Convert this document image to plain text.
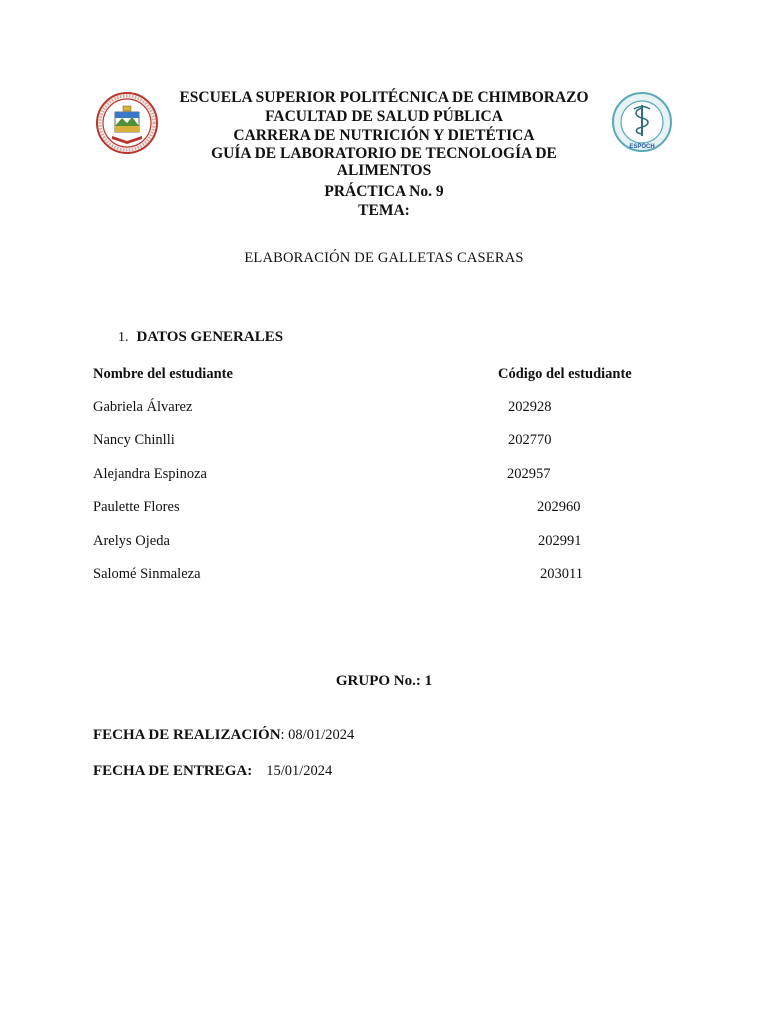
ESCUELA SUPERIOR POLITÉCNICA DE CHIMBORAZO
FACULTAD DE SALUD PÚBLICA
CARRERA DE NUTRICIÓN Y DIETÉTICA
GUÍA DE LABORATORIO DE TECNOLOGÍA DE
ALIMENTOS
PRÁCTICA No. 9
TEMA:
ESPOCH
ELABORACIÓN DE GALLETAS CASERAS
1. DATOS GENERALES
Nombre del estudiante	Código del estudiante
Gabriela Álvarez	202928
Nancy Chinlli	202770
Alejandra Espinoza	202957
Paulette Flores	202960
Arelys Ojeda	202991
Salomé Sinmaleza	203011
GRUPO No.: 1
FECHA DE REALIZACIÓN: 08/01/2024
FECHA DE ENTREGA: 15/01/2024
